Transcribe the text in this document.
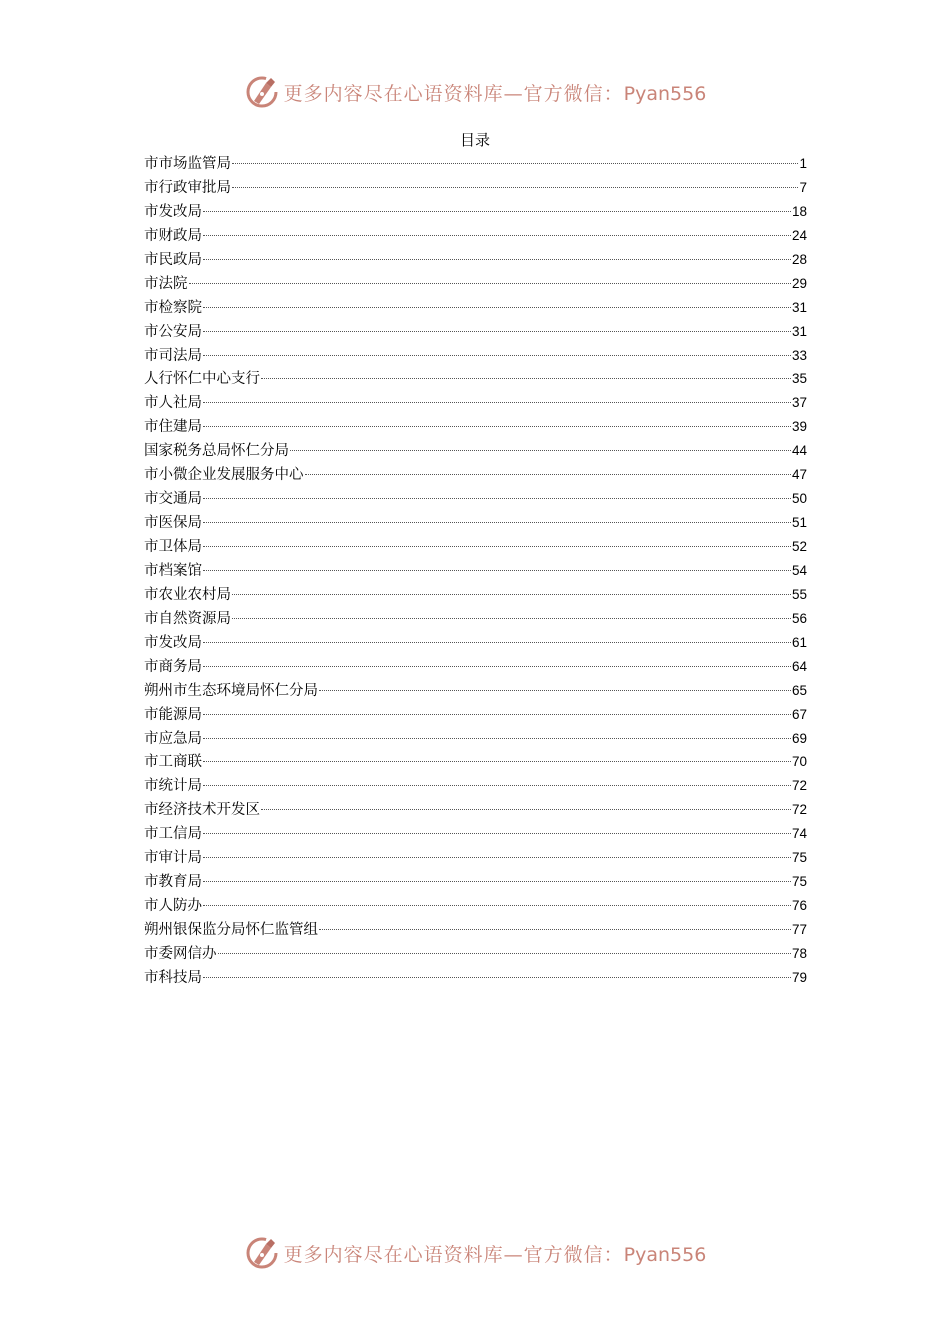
更多内容尽在心语资料库—官方微信：Pyan556
目录
市市场监管局	1
市行政审批局	7
市发改局	18
市财政局	24
市民政局	28
市法院	29
市检察院	31
市公安局	31
市司法局	33
人行怀仁中心支行	35
市人社局	37
市住建局	39
国家税务总局怀仁分局	44
市小微企业发展服务中心	47
市交通局	50
市医保局	51
市卫体局	52
市档案馆	54
市农业农村局	55
市自然资源局	56
市发改局	61
市商务局	64
朔州市生态环境局怀仁分局	65
市能源局	67
市应急局	69
市工商联	70
市统计局	72
市经济技术开发区	72
市工信局	74
市审计局	75
市教育局	75
市人防办	76
朔州银保监分局怀仁监管组	77
市委网信办	78
市科技局	79
更多内容尽在心语资料库—官方微信：Pyan556
